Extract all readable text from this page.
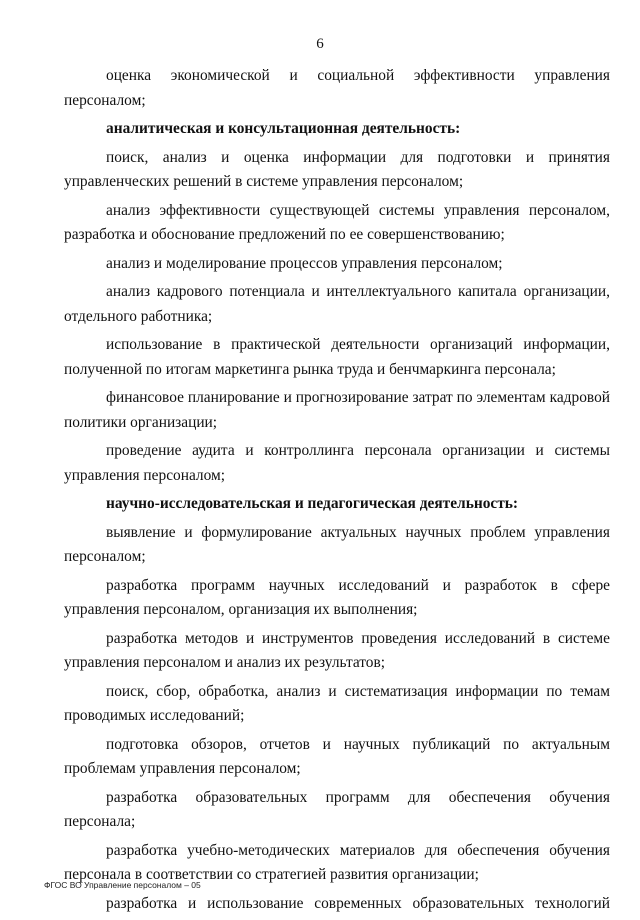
6

оценка экономической и социальной эффективности управления персоналом;

аналитическая и консультационная деятельность:

поиск, анализ и оценка информации для подготовки и принятия управленческих решений в системе управления персоналом;

анализ эффективности существующей системы управления персоналом, разработка и обоснование предложений по ее совершенствованию;

анализ и моделирование процессов управления персоналом;

анализ кадрового потенциала и интеллектуального капитала организации, отдельного работника;

использование в практической деятельности организаций информации, полученной по итогам маркетинга рынка труда и бенчмаркинга персонала;

финансовое планирование и прогнозирование затрат по элементам кадровой политики организации;

проведение аудита и контроллинга персонала организации и системы управления персоналом;

научно-исследовательская и педагогическая деятельность:

выявление и формулирование актуальных научных проблем управления персоналом;

разработка программ научных исследований и разработок в сфере управления персоналом, организация их выполнения;

разработка методов и инструментов проведения исследований в системе управления персоналом и анализ их результатов;

поиск, сбор, обработка, анализ и систематизация информации по темам проводимых исследований;

подготовка обзоров, отчетов и научных публикаций по актуальным проблемам управления персоналом;

разработка образовательных программ для обеспечения обучения персонала;

разработка учебно-методических материалов для обеспечения обучения персонала в соответствии со стратегией развития организации;

разработка и использование современных образовательных технологий

ФГОС ВО Управление персоналом – 05
